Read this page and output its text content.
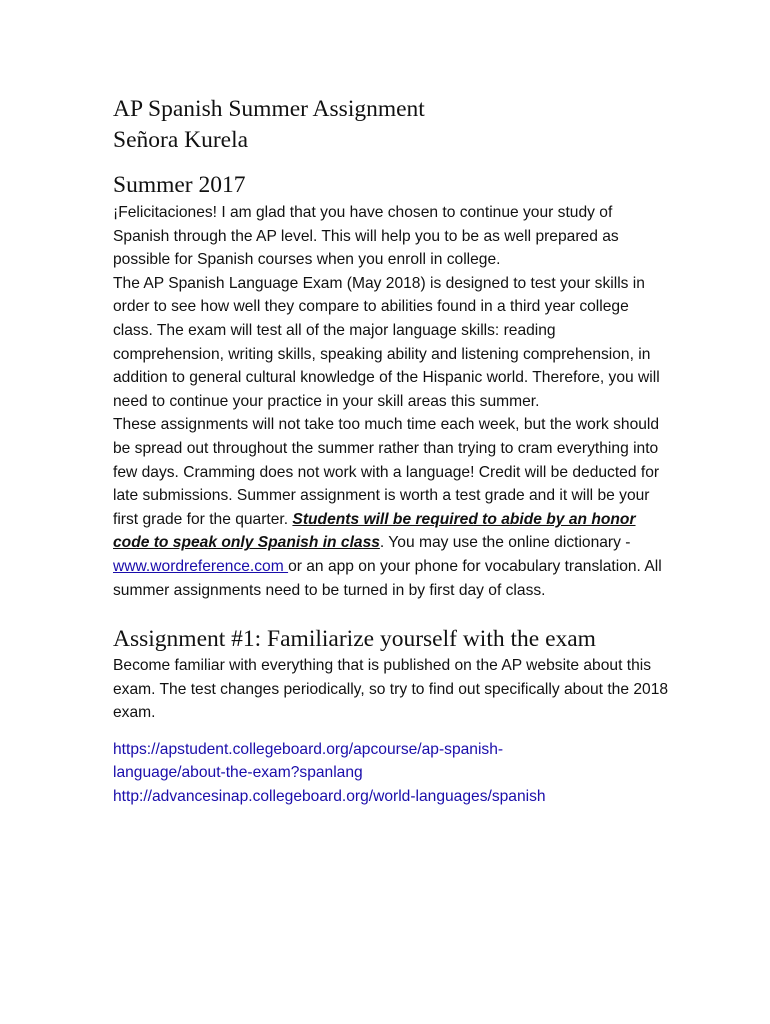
AP Spanish Summer Assignment
Señora Kurela
Summer 2017

¡Felicitaciones! I am glad that you have chosen to continue your study of Spanish through the AP level. This will help you to be as well prepared as possible for Spanish courses when you enroll in college.

The AP Spanish Language Exam (May 2018) is designed to test your skills in order to see how well they compare to abilities found in a third year college class. The exam will test all of the major language skills: reading comprehension, writing skills, speaking ability and listening comprehension, in addition to general cultural knowledge of the Hispanic world. Therefore, you will need to continue your practice in your skill areas this summer.

These assignments will not take too much time each week, but the work should be spread out throughout the summer rather than trying to cram everything into few days. Cramming does not work with a language! Credit will be deducted for late submissions. Summer assignment is worth a test grade and it will be your first grade for the quarter. Students will be required to abide by an honor code to speak only Spanish in class. You may use the online dictionary - www.wordreference.com or an app on your phone for vocabulary translation. All summer assignments need to be turned in by first day of class.

Assignment #1: Familiarize yourself with the exam

Become familiar with everything that is published on the AP website about this exam. The test changes periodically, so try to find out specifically about the 2018 exam.

https://apstudent.collegeboard.org/apcourse/ap-spanish-
language/about-the-exam?spanlang
http://advancesinap.collegeboard.org/world-languages/spanish
